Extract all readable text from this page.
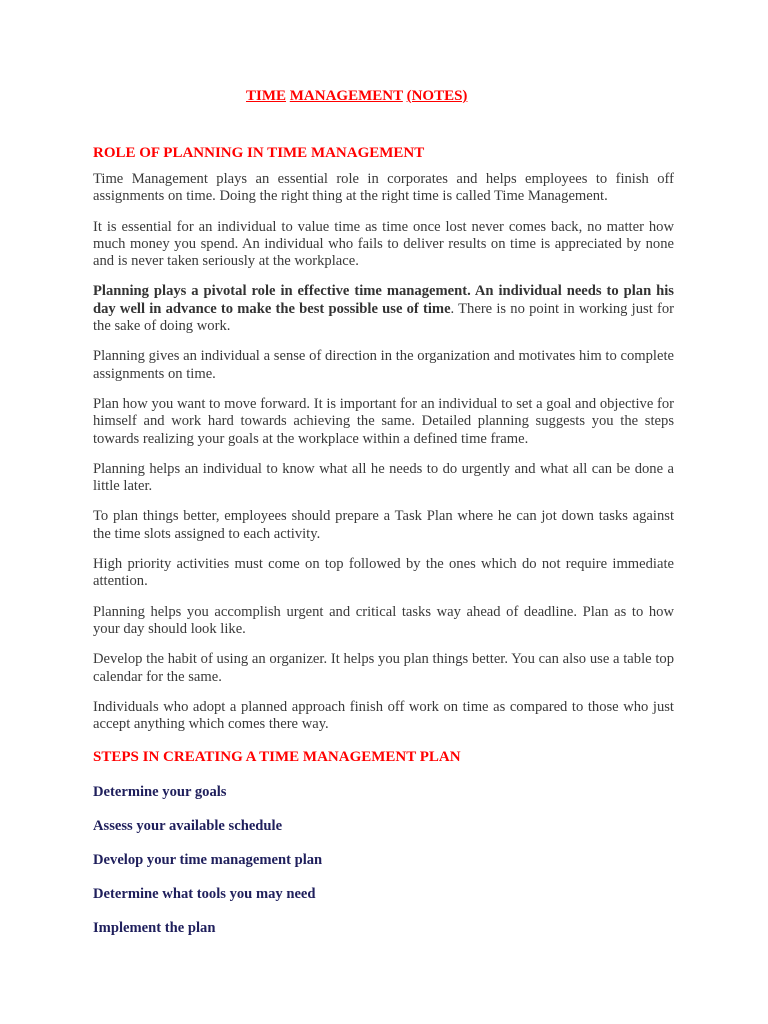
TIME MANAGEMENT (NOTES)
ROLE OF PLANNING IN TIME MANAGEMENT

Time Management plays an essential role in corporates and helps employees to finish off assignments on time. Doing the right thing at the right time is called Time Management.

It is essential for an individual to value time as time once lost never comes back, no matter how much money you spend. An individual who fails to deliver results on time is appreciated by none and is never taken seriously at the workplace.

Planning plays a pivotal role in effective time management. An individual needs to plan his day well in advance to make the best possible use of time. There is no point in working just for the sake of doing work.

Planning gives an individual a sense of direction in the organization and motivates him to complete assignments on time.

Plan how you want to move forward. It is important for an individual to set a goal and objective for himself and work hard towards achieving the same. Detailed planning suggests you the steps towards realizing your goals at the workplace within a defined time frame.

Planning helps an individual to know what all he needs to do urgently and what all can be done a little later.

To plan things better, employees should prepare a Task Plan where he can jot down tasks against the time slots assigned to each activity.

High priority activities must come on top followed by the ones which do not require immediate attention.

Planning helps you accomplish urgent and critical tasks way ahead of deadline. Plan as to how your day should look like.

Develop the habit of using an organizer. It helps you plan things better. You can also use a table top calendar for the same.

Individuals who adopt a planned approach finish off work on time as compared to those who just accept anything which comes there way.

STEPS IN CREATING A TIME MANAGEMENT PLAN
Determine your goals
Assess your available schedule
Develop your time management plan
Determine what tools you may need
Implement the plan
